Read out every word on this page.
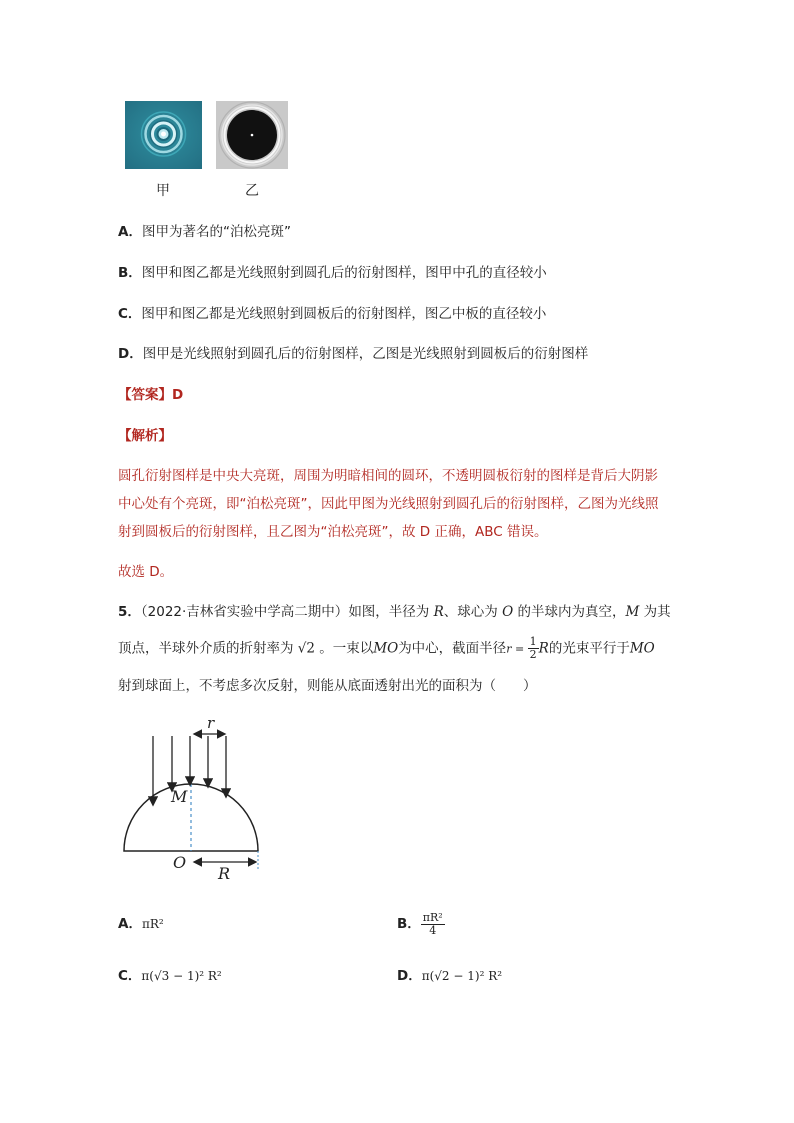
甲	乙
A．图甲为著名的“泊松亮斑”
B．图甲和图乙都是光线照射到圆孔后的衍射图样，图甲中孔的直径较小
C．图甲和图乙都是光线照射到圆板后的衍射图样，图乙中板的直径较小
D．图甲是光线照射到圆孔后的衍射图样，乙图是光线照射到圆板后的衍射图样
【答案】D
【解析】
圆孔衍射图样是中央大亮斑，周围为明暗相间的圆环，不透明圆板衍射的图样是背后大阴影
中心处有个亮斑，即“泊松亮斑”，因此甲图为光线照射到圆孔后的衍射图样，乙图为光线照
射到圆板后的衍射图样，且乙图为“泊松亮斑”，故 D 正确，ABC 错误。
故选 D。
5．（2022·吉林省实验中学高二期中）如图，半径为 R、球心为 O 的半球内为真空，M 为其
顶点，半球外介质的折射率为 √2 。一束以MO为中心，截面半径$r = \frac{1}{2}$ R的光束平行于MO
射到球面上，不考虑多次反射，则能从底面透射出光的面积为（　　）
r
M
O
R
A．πR²	B． $\frac{\text{πR²}}{4}$
C．π(√3 − 1)² R²	D．π(√2 − 1)² R²
